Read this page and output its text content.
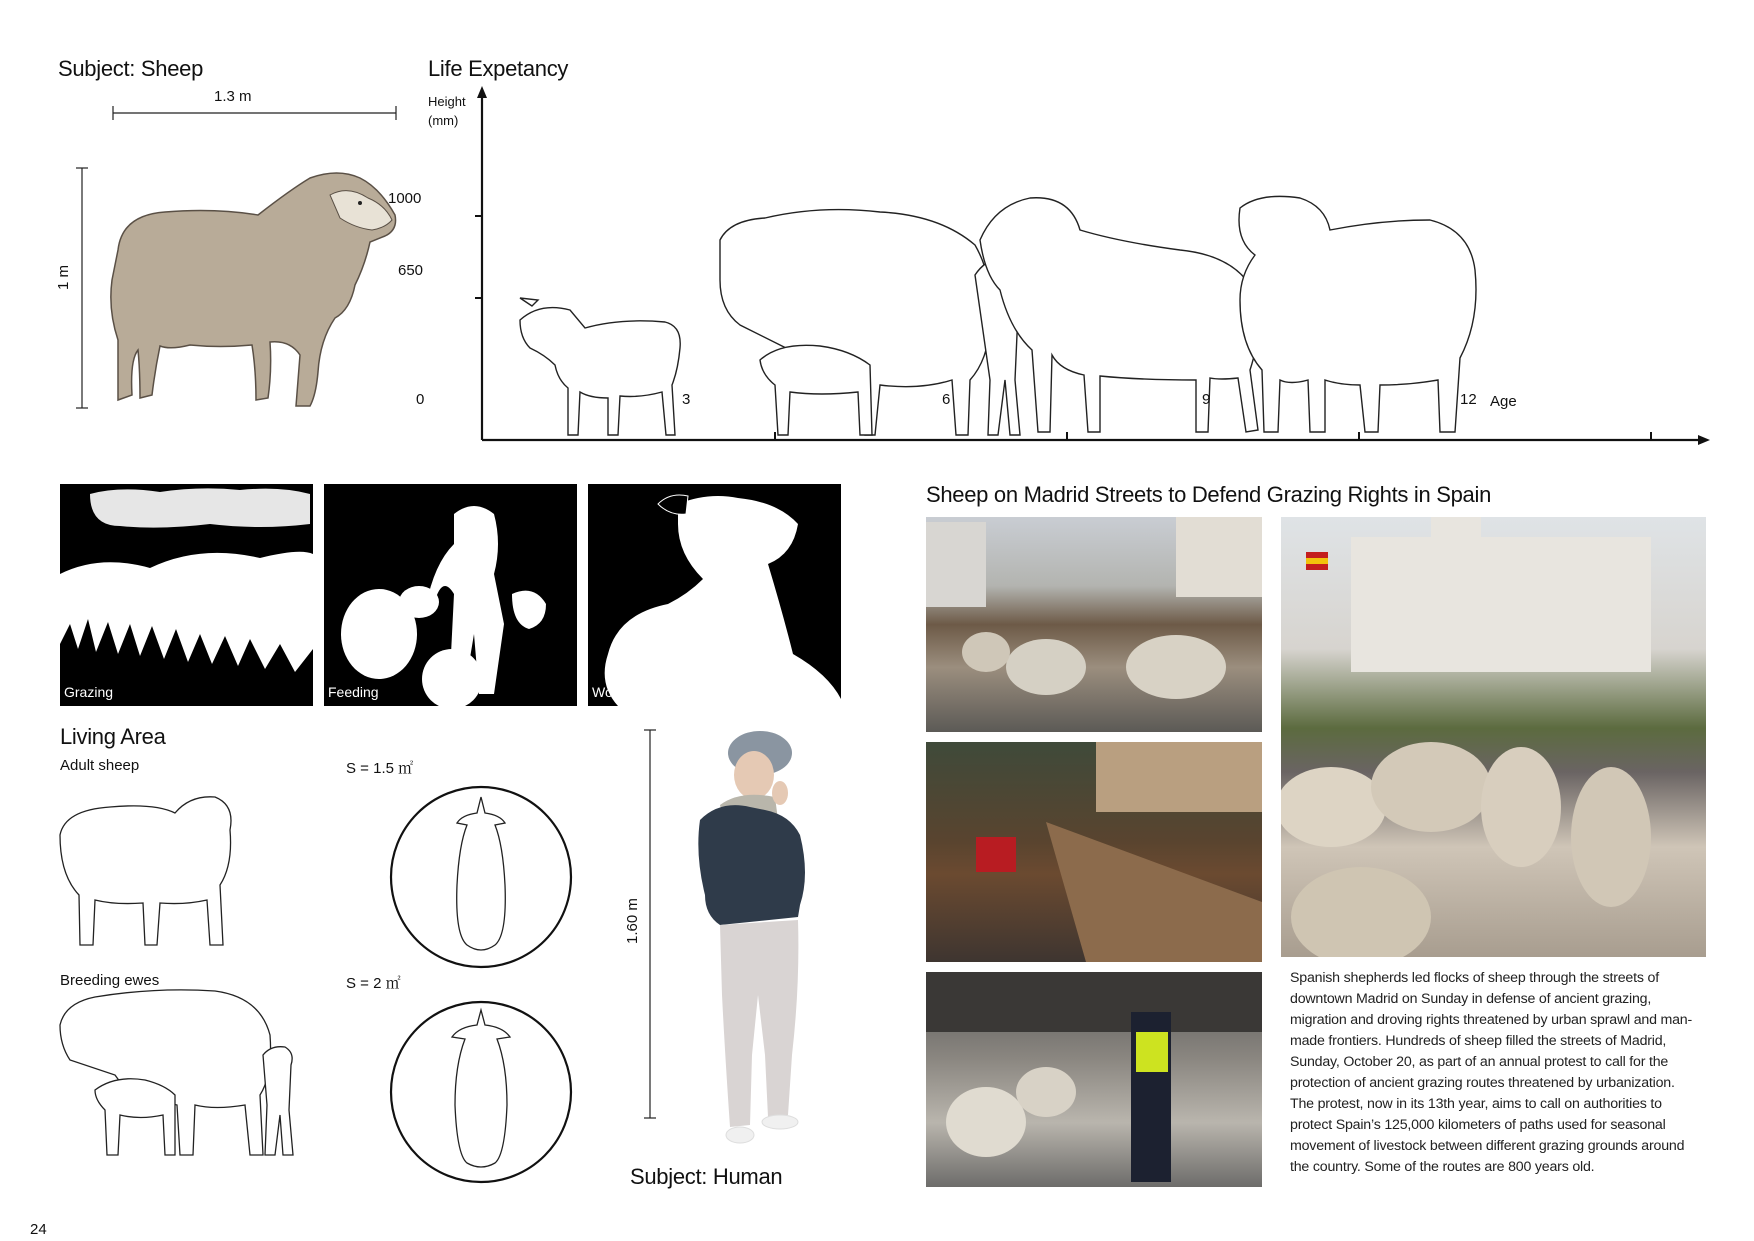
Subject: Sheep
1.3 m
1 m
Life Expetancy
Height
(mm)
1000
650
0	3	6	9	12 Age
Grazing	Feeding	Wool Sheating
Living Area
Adult sheep	S = 1.5 ㎡
Breeding ewes	S = 2 ㎡
1.60 m
Subject: Human
Sheep on Madrid Streets to Defend Grazing Rights in Spain
Spanish shepherds led flocks of sheep through the streets of downtown Madrid on Sunday in defense of ancient grazing, migration and droving rights threatened by urban sprawl and man-made frontiers. Hundreds of sheep filled the streets of Madrid, Sunday, October 20, as part of an annual protest to call for the protection of ancient grazing routes threatened by urbanization. The protest, now in its 13th year, aims to call on authorities to protect Spain’s 125,000 kilometers of paths used for seasonal movement of livestock between different grazing grounds around the country. Some of the routes are 800 years old.
24
